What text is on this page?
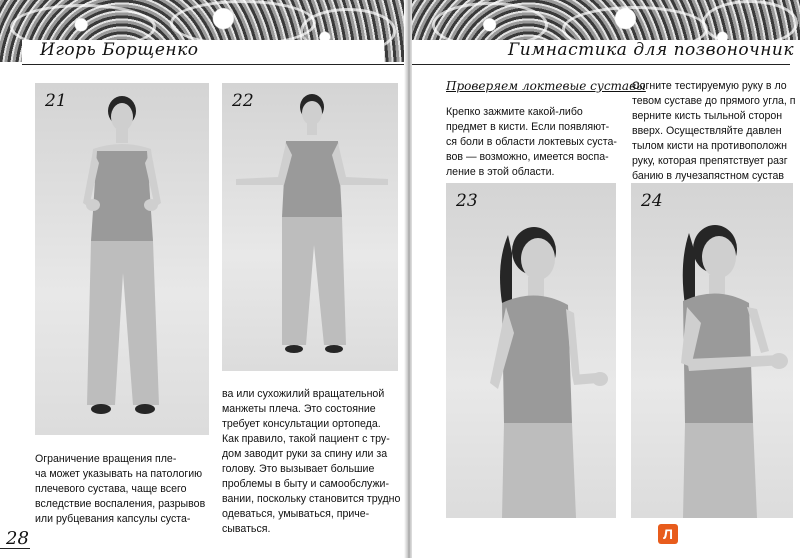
Игорь Борщенко
21	22

Ограничение вращения пле-

ча может указывать на патологию

плечевого сустава, чаще всего

вследствие воспаления, разрывов

или рубцевания капсулы суста-

ва или сухожилий вращательной

манжеты плеча. Это состояние

требует консультации ортопеда.

Как правило, такой пациент с тру-

дом заводит руки за спину или за

голову. Это вызывает большие

проблемы в быту и самообслужи-

вании, поскольку становится трудно

одеваться, умываться, приче-

сываться.

28
Гимнастика для позвоночник

Проверяем локтевые суставы

Крепко зажмите какой-либо

предмет в кисти. Если появляют-

ся боли в области локтевых суста-

вов — возможно, имеется воспа-

ление в этой области.

Согните тестируемую руку в ло

тевом суставе до прямого угла, п

верните кисть тыльной сторон

вверх. Осуществляйте давлен

тылом кисти на противоположн

руку, которая препятствует разг

банию в лучезапястном сустав

23	24
Л
